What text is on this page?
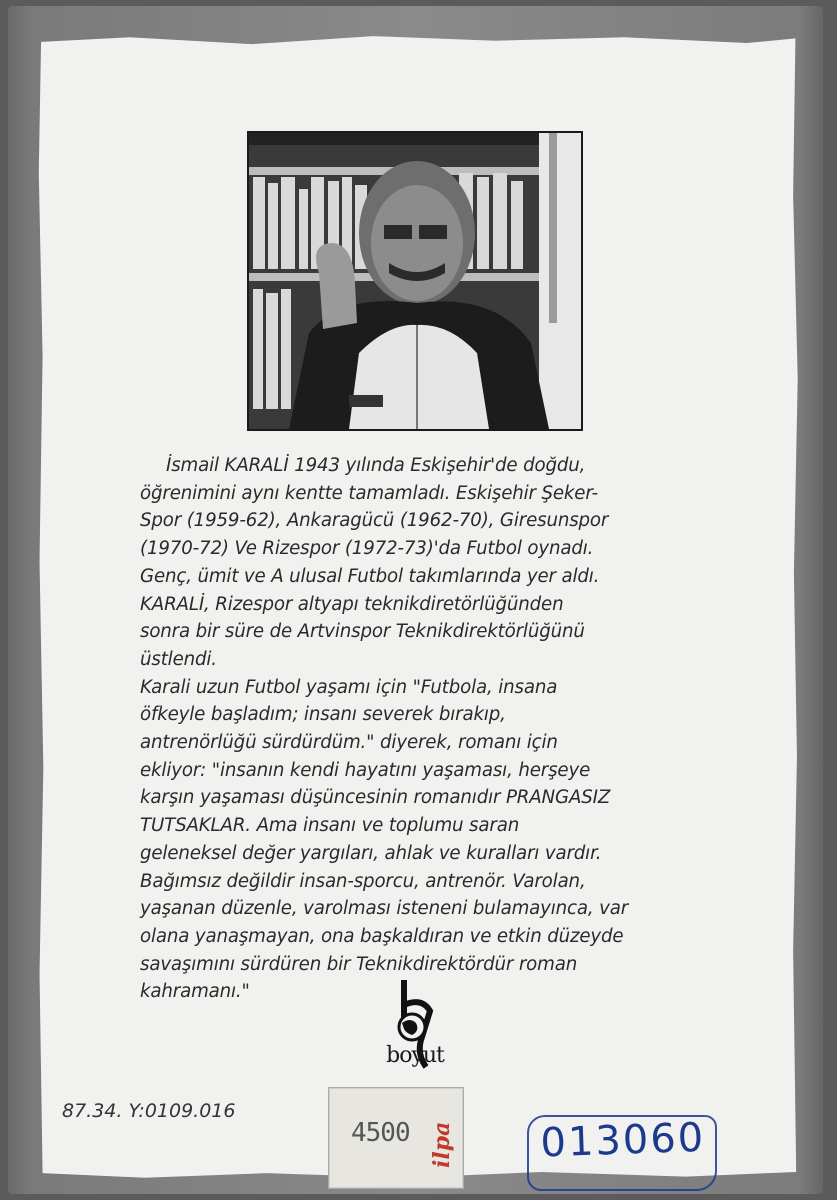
İsmail KARALİ 1943 yılında Eskişehir'de doğdu,
öğrenimini aynı kentte tamamladı. Eskişehir Şeker-
Spor (1959-62), Ankaragücü (1962-70), Giresunspor
(1970-72) Ve Rizespor (1972-73)'da Futbol oynadı.
Genç, ümit ve A ulusal Futbol takımlarında yer aldı.
KARALİ, Rizespor altyapı teknikdiretörlüğünden
sonra bir süre de Artvinspor Teknikdirektörlüğünü
üstlendi.
Karali uzun Futbol yaşamı için "Futbola, insana
öfkeyle başladım; insanı severek bırakıp,
antrenörlüğü sürdürdüm." diyerek, romanı için
ekliyor: "insanın kendi hayatını yaşaması, herşeye
karşın yaşaması düşüncesinin romanıdır PRANGASIZ
TUTSAKLAR. Ama insanı ve toplumu saran
geleneksel değer yargıları, ahlak ve kuralları vardır.
Bağımsız değildir insan-sporcu, antrenör. Varolan,
yaşanan düzenle, varolması isteneni bulamayınca, var
olana yanaşmayan, ona başkaldıran ve etkin düzeyde
savaşımını sürdüren bir Teknikdirektördür roman
kahramanı."
boyut
87.34. Y:0109.016
4500 ilpa 013060
